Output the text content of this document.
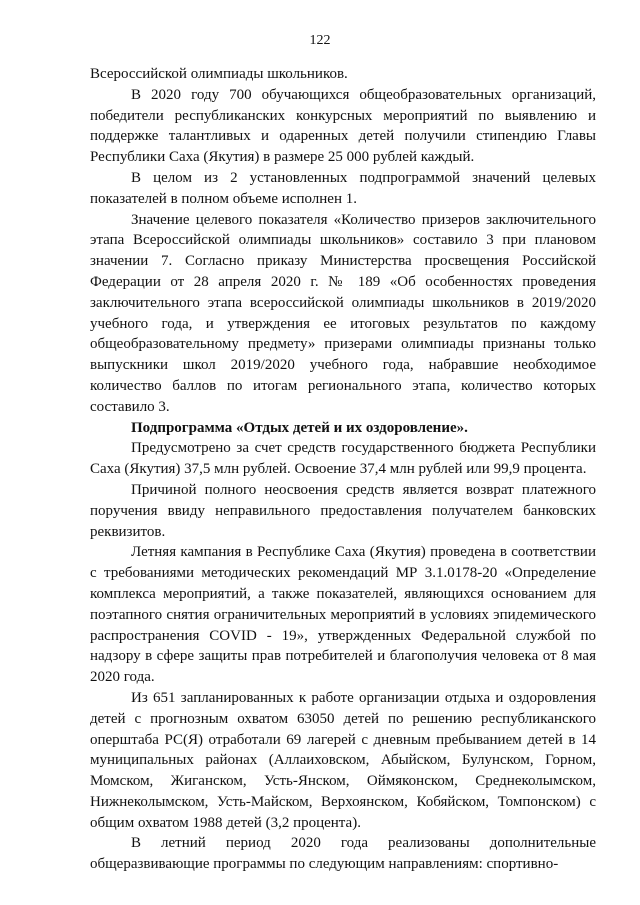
122

Всероссийской олимпиады школьников.

В 2020 году 700 обучающихся общеобразовательных организаций, победители республиканских конкурсных мероприятий по выявлению и поддержке талантливых и одаренных детей получили стипендию Главы Республики Саха (Якутия) в размере 25 000 рублей каждый.

В целом из 2 установленных подпрограммой значений целевых показателей в полном объеме исполнен 1.

Значение целевого показателя «Количество призеров заключительного этапа Всероссийской олимпиады школьников» составило 3 при плановом значении 7. Согласно приказу Министерства просвещения Российской Федерации от 28 апреля 2020 г. № 189 «Об особенностях проведения заключительного этапа всероссийской олимпиады школьников в 2019/2020 учебного года, и утверждения ее итоговых результатов по каждому общеобразовательному предмету» призерами олимпиады признаны только выпускники школ 2019/2020 учебного года, набравшие необходимое количество баллов по итогам регионального этапа, количество которых составило 3.

Подпрограмма «Отдых детей и их оздоровление».

Предусмотрено за счет средств государственного бюджета Республики Саха (Якутия) 37,5 млн рублей. Освоение 37,4 млн рублей или 99,9 процента.

Причиной полного неосвоения средств является возврат платежного поручения ввиду неправильного предоставления получателем банковских реквизитов.

Летняя кампания в Республике Саха (Якутия) проведена в соответствии с требованиями методических рекомендаций МР 3.1.0178-20 «Определение комплекса мероприятий, а также показателей, являющихся основанием для поэтапного снятия ограничительных мероприятий в условиях эпидемического распространения COVID - 19», утвержденных Федеральной службой по надзору в сфере защиты прав потребителей и благополучия человека от 8 мая 2020 года.

Из 651 запланированных к работе организации отдыха и оздоровления детей с прогнозным охватом 63050 детей по решению республиканского оперштаба РС(Я) отработали 69 лагерей с дневным пребыванием детей в 14 муниципальных районах (Аллаиховском, Абыйском, Булунском, Горном, Момском, Жиганском, Усть-Янском, Оймяконском, Среднеколымском, Нижнеколымском, Усть-Майском, Верхоянском, Кобяйском, Томпонском) с общим охватом 1988 детей (3,2 процента).

В летний период 2020 года реализованы дополнительные общеразвивающие программы по следующим направлениям: спортивно-
